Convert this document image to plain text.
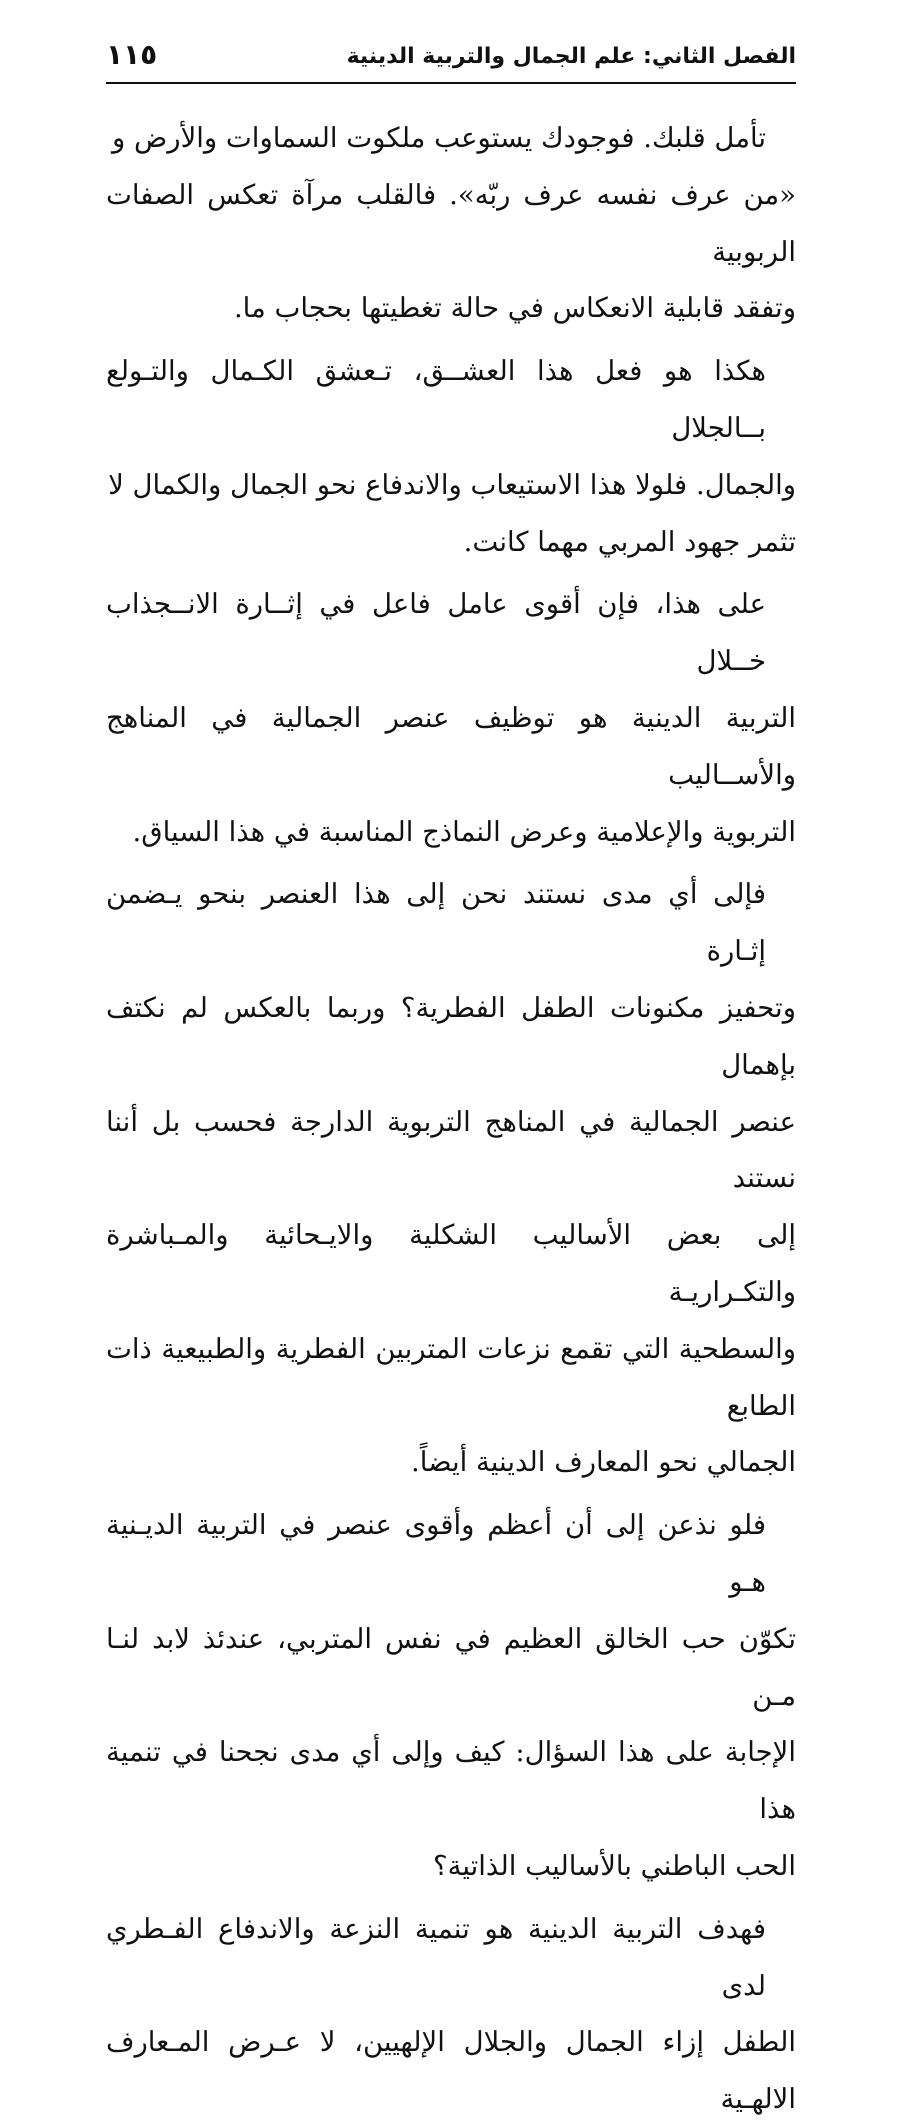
الفصل الثاني: علم الجمال والتربية الدينية
١١٥

تأمل قلبك. فوجودك يستوعب ملكوت السماوات والأرض و
«من عرف نفسه عرف ربّه». فالقلب مرآة تعكس الصفات الربوبية
وتفقد قابلية الانعكاس في حالة تغطيتها بحجاب ما.

هكذا هو فعل هذا العشــق، تـعشق الكـمال والتـولع بــالجلال
والجمال. فلولا هذا الاستيعاب والاندفاع نحو الجمال والكمال لا
تثمر جهود المربي مهما كانت.

على هذا، فإن أقوى عامل فاعل في إثــارة الانــجذاب خــلال
التربية الدينية هو توظيف عنصر الجمالية في المناهج والأســاليب
التربوية والإعلامية وعرض النماذج المناسبة في هذا السياق.

فإلى أي مدى نستند نحن إلى هذا العنصر بنحو يـضمن إثـارة
وتحفيز مكنونات الطفل الفطرية؟ وربما بالعكس لم نكتف بإهمال
عنصر الجمالية في المناهج التربوية الدارجة فحسب بل أننا نستند
إلى بعض الأساليب الشكلية والايـحائية والمـباشرة والتكـراريـة
والسطحية التي تقمع نزعات المتربين الفطرية والطبيعية ذات الطابع
الجمالي نحو المعارف الدينية أيضاً.

فلو نذعن إلى أن أعظم وأقوى عنصر في التربية الديـنية هـو
تكوّن حب الخالق العظيم في نفس المتربي، عندئذ لابد لنـا مـن
الإجابة على هذا السؤال: كيف وإلى أي مدى نجحنا في تنمية هذا
الحب الباطني بالأساليب الذاتية؟

فهدف التربية الدينية هو تنمية النزعة والاندفاع الفـطري لدى
الطفل إزاء الجمال والجلال الإلهيين، لا عـرض المـعارف الالهـية
